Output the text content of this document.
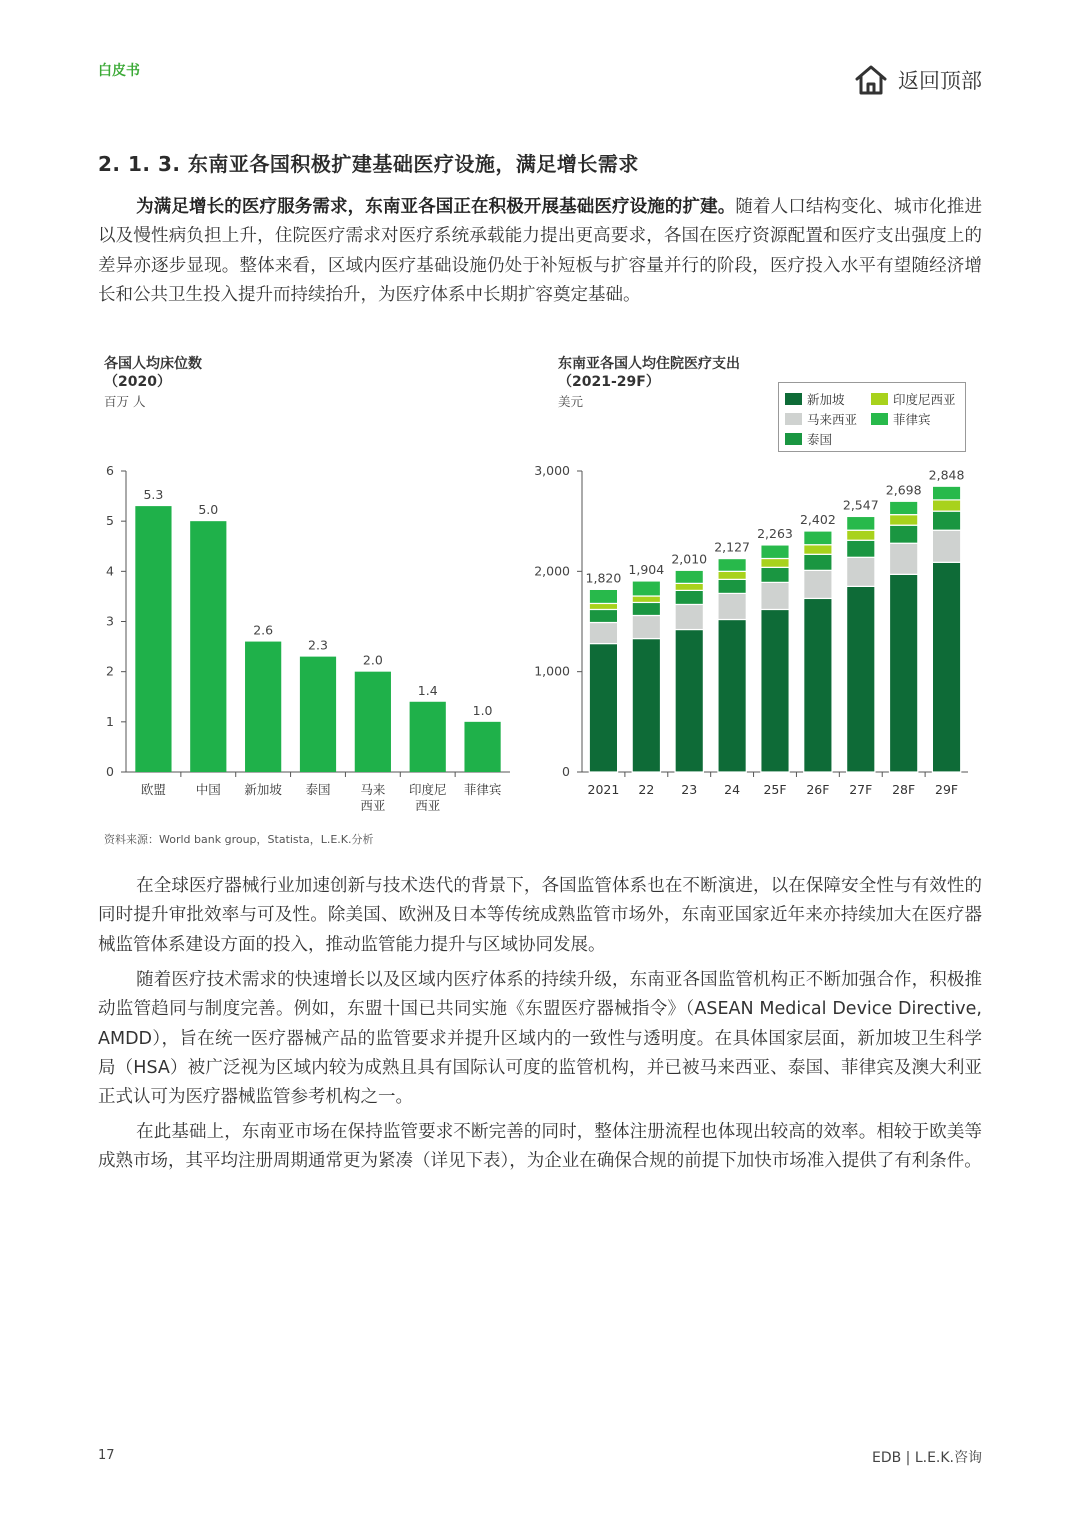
白皮书	返回顶部
2. 1. 3. 东南亚各国积极扩建基础医疗设施，满足增长需求

为满足增长的医疗服务需求，东南亚各国正在积极开展基础医疗设施的扩建。随着人口结构变化、城市化推进以及慢性病负担上升，住院医疗需求对医疗系统承载能力提出更高要求，各国在医疗资源配置和医疗支出强度上的差异亦逐步显现。整体来看，区域内医疗基础设施仍处于补短板与扩容量并行的阶段，医疗投入水平有望随经济增长和公共卫生投入提升而持续抬升，为医疗体系中长期扩容奠定基础。

各国人均床位数
（2020）
百万 人
东南亚各国人均住院医疗支出
（2021-29F）
美元	新加坡	印度尼西亚
马来西亚	菲律宾
泰国
0
1
2
3
4
5
6
5.3
欧盟
5.0
中国
2.6
新加坡
2.3
泰国
2.0
马来
西亚
1.4
印度尼
西亚
1.0
菲律宾
0
1,000
2,000
3,000
1,820
2021
1,904
22
2,010
23
2,127
24
2,263
25F
2,402
26F
2,547
27F
2,698
28F
2,848
29F
资料来源：World bank group，Statista，L.E.K.分析

在全球医疗器械行业加速创新与技术迭代的背景下，各国监管体系也在不断演进，以在保障安全性与有效性的同时提升审批效率与可及性。除美国、欧洲及日本等传统成熟监管市场外，东南亚国家近年来亦持续加大在医疗器械监管体系建设方面的投入，推动监管能力提升与区域协同发展。

随着医疗技术需求的快速增长以及区域内医疗体系的持续升级，东南亚各国监管机构正不断加强合作，积极推动监管趋同与制度完善。例如，东盟十国已共同实施《东盟医疗器械指令》（ASEAN Medical Device Directive, AMDD），旨在统一医疗器械产品的监管要求并提升区域内的一致性与透明度。在具体国家层面，新加坡卫生科学局（HSA）被广泛视为区域内较为成熟且具有国际认可度的监管机构，并已被马来西亚、泰国、菲律宾及澳大利亚正式认可为医疗器械监管参考机构之一。

在此基础上，东南亚市场在保持监管要求不断完善的同时，整体注册流程也体现出较高的效率。相较于欧美等成熟市场，其平均注册周期通常更为紧凑（详见下表），为企业在确保合规的前提下加快市场准入提供了有利条件。

17	EDB | L.E.K.咨询
